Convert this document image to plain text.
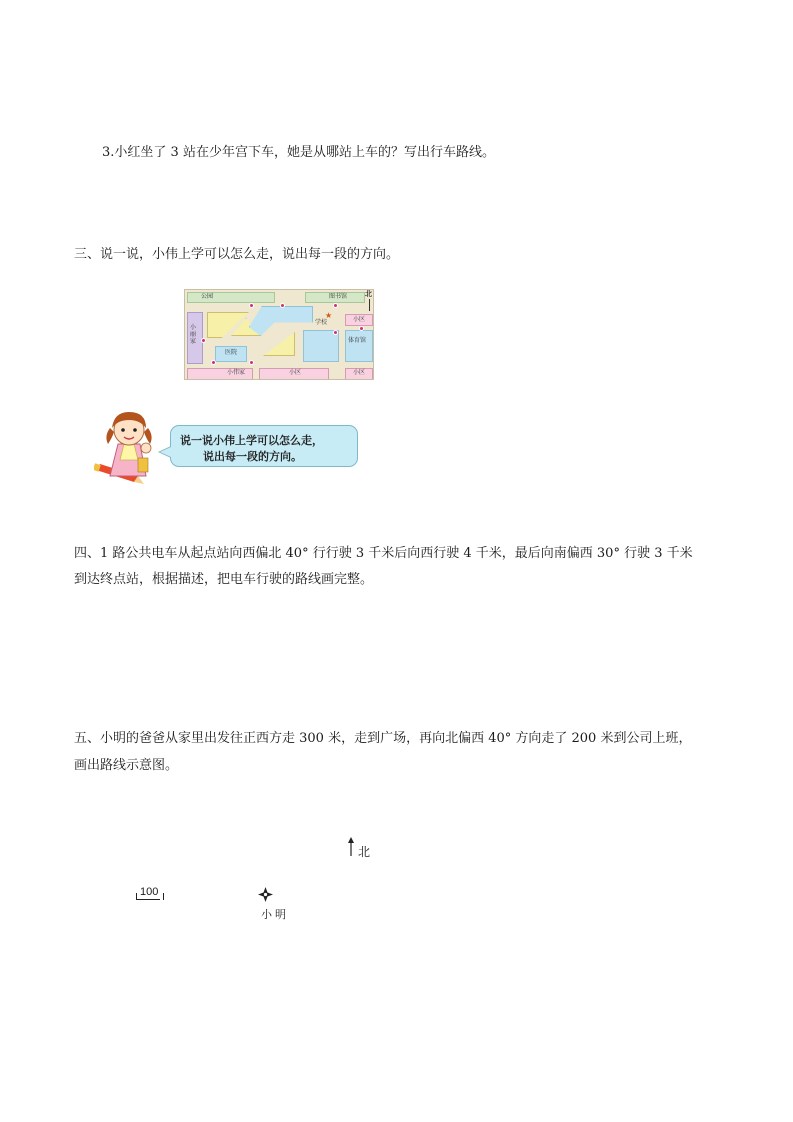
3.小红坐了 3 站在少年宫下车，她是从哪站上车的？写出行车路线。
三、说一说，小伟上学可以怎么走，说出每一段的方向。
公园	图书馆	北
小丽家
学校
★
医院
小区
体育馆
小伟家	小区	小区
说一说小伟上学可以怎么走，
说出每一段的方向。
四、1 路公共电车从起点站向西偏北 40° 行行驶 3 千米后向西行驶 4 千米，最后向南偏西 30° 行驶 3 千米
到达终点站，根据描述，把电车行驶的路线画完整。
五、小明的爸爸从家里出发往正西方走 300 米，走到广场，再向北偏西 40° 方向走了 200 米到公司上班，
画出路线示意图。
北
100
小明
